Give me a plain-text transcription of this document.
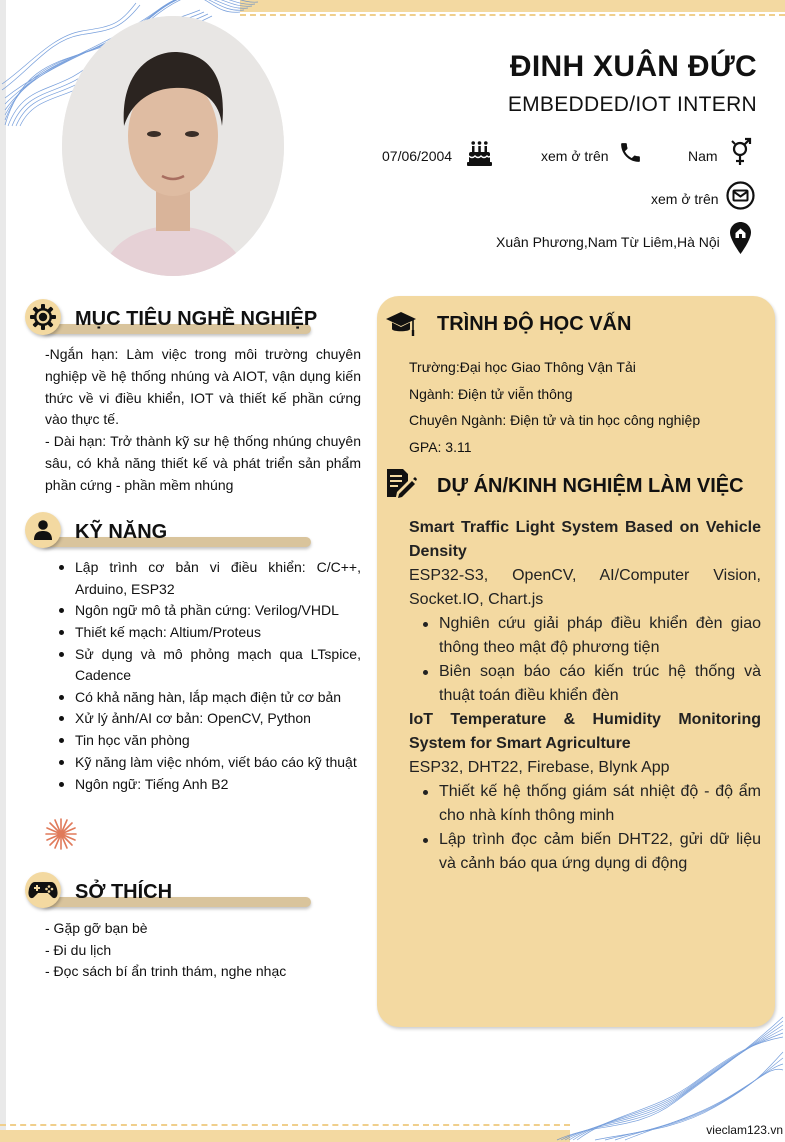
ĐINH XUÂN ĐỨC
EMBEDDED/IOT INTERN
07/06/2004	xem ở trên	Nam
xem ở trên
Xuân Phương,Nam Từ Liêm,Hà Nội
MỤC TIÊU NGHỀ NGHIỆP
-Ngắn hạn: Làm việc trong môi trường chuyên nghiệp về hệ thống nhúng và AIOT, vận dụng kiến thức về vi điều khiển, IOT và thiết kế phần cứng vào thực tế.
- Dài hạn: Trở thành kỹ sư hệ thống nhúng chuyên sâu, có khả năng thiết kế và phát triển sản phẩm phần cứng - phần mềm nhúng
KỸ NĂNG
Lập trình cơ bản vi điều khiển: C/C++, Arduino, ESP32
Ngôn ngữ mô tả phần cứng: Verilog/VHDL
Thiết kế mạch: Altium/Proteus
Sử dụng và mô phỏng mạch qua LTspice, Cadence
Có khả năng hàn, lắp mạch điện tử cơ bản
Xử lý ảnh/AI cơ bản: OpenCV, Python
Tin học văn phòng
Kỹ năng làm việc nhóm, viết báo cáo kỹ thuật
Ngôn ngữ: Tiếng Anh B2
SỞ THÍCH
- Gặp gỡ bạn bè
- Đi du lịch
- Đọc sách bí ẩn trinh thám, nghe nhạc
TRÌNH ĐỘ HỌC VẤN
Trường:Đại học Giao Thông Vận Tải
Ngành: Điện tử viễn thông
Chuyên Ngành: Điện tử và tin học công nghiệp
GPA: 3.11
DỰ ÁN/KINH NGHIỆM LÀM VIỆC
Smart Traffic Light System Based on Vehicle Density
ESP32-S3, OpenCV, AI/Computer Vision, Socket.IO, Chart.js
Nghiên cứu giải pháp điều khiển đèn giao thông theo mật độ phương tiện
Biên soạn báo cáo kiến trúc hệ thống và thuật toán điều khiển đèn
IoT Temperature & Humidity Monitoring System for Smart Agriculture
ESP32, DHT22, Firebase, Blynk App
Thiết kế hệ thống giám sát nhiệt độ - độ ẩm cho nhà kính thông minh
Lập trình đọc cảm biến DHT22, gửi dữ liệu và cảnh báo qua ứng dụng di động
vieclam123.vn
